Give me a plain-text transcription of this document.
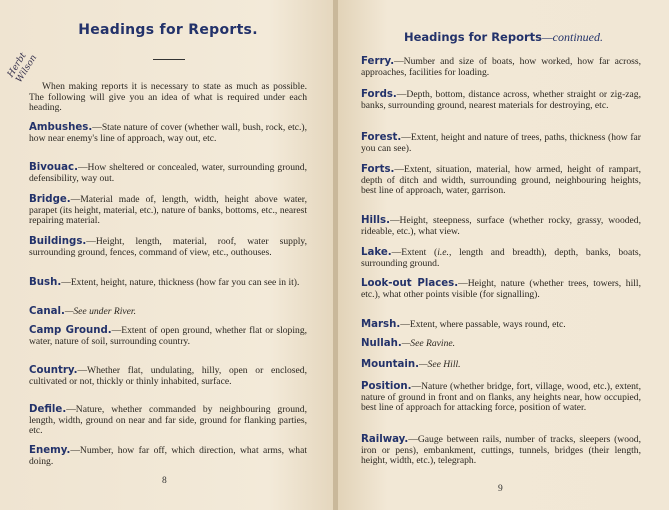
Herbt Wilson
Headings for Reports.
When making reports it is necessary to state as much as possible. The following will give you an idea of what is required under each heading.
Ambushes.—State nature of cover (whether wall, bush, rock, etc.), how near enemy's line of approach, way out, etc.
Bivouac.—How sheltered or concealed, water, surrounding ground, defensibility, way out.
Bridge.—Material made of, length, width, height above water, parapet (its height, material, etc.), nature of banks, bottoms, etc., nearest repairing material.
Buildings.—Height, length, material, roof, water supply, surrounding ground, fences, command of view, etc., outhouses.
Bush.—Extent, height, nature, thickness (how far you can see in it).
Canal.—See under River.
Camp Ground.—Extent of open ground, whether flat or sloping, water, nature of soil, surrounding country.
Country.—Whether flat, undulating, hilly, open or enclosed, cultivated or not, thickly or thinly inhabited, surface.
Defile.—Nature, whether commanded by neighbouring ground, length, width, ground on near and far side, ground for flanking parties, etc.
Enemy.—Number, how far off, which direction, what arms, what doing.
8
Headings for Reports—continued.
Ferry.—Number and size of boats, how worked, how far across, approaches, facilities for loading.
Fords.—Depth, bottom, distance across, whether straight or zig-zag, banks, surrounding ground, nearest materials for destroying, etc.
Forest.—Extent, height and nature of trees, paths, thickness (how far you can see).
Forts.—Extent, situation, material, how armed, height of rampart, depth of ditch and width, surrounding ground, neighbouring heights, best line of approach, water, garrison.
Hills.—Height, steepness, surface (whether rocky, grassy, wooded, rideable, etc.), what view.
Lake.—Extent (i.e., length and breadth), depth, banks, boats, surrounding ground.
Look-out Places.—Height, nature (whether trees, towers, hill, etc.), what other points visible (for signalling).
Marsh.—Extent, where passable, ways round, etc.
Nullah.—See Ravine.
Mountain.—See Hill.
Position.—Nature (whether bridge, fort, village, wood, etc.), extent, nature of ground in front and on flanks, any heights near, how occupied, best line of approach for attacking force, position of water.
Railway.—Gauge between rails, number of tracks, sleepers (wood, iron or pens), embankment, cuttings, tunnels, bridges (their length, height, width, etc.), telegraph.
9
